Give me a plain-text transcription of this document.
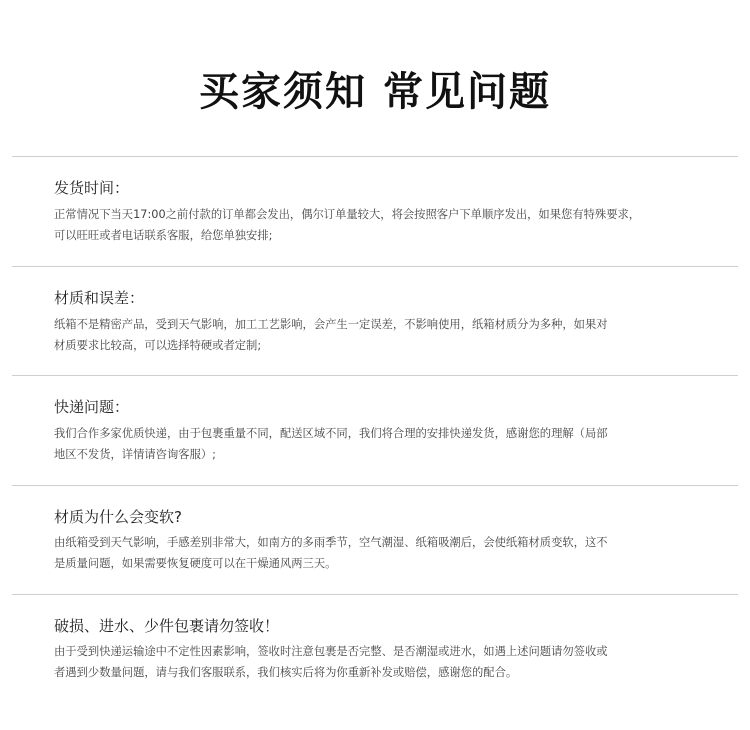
买家须知 常见问题
发货时间：
正常情况下当天17:00之前付款的订单都会发出，偶尔订单量较大，将会按照客户下单顺序发出，如果您有特殊要求，
可以旺旺或者电话联系客服，给您单独安排;
材质和误差：
纸箱不是精密产品，受到天气影响，加工工艺影响，会产生一定误差，不影响使用，纸箱材质分为多种，如果对
材质要求比较高，可以选择特硬或者定制;
快递问题：
我们合作多家优质快递，由于包裹重量不同，配送区域不同，我们将合理的安排快递发货，感谢您的理解（局部
地区不发货，详情请咨询客服）;
材质为什么会变软?
由纸箱受到天气影响，手感差别非常大，如南方的多雨季节，空气潮湿、纸箱吸潮后，会使纸箱材质变软，这不
是质量问题，如果需要恢复硬度可以在干燥通风两三天。
破损、进水、少件包裹请勿签收！
由于受到快递运输途中不定性因素影响，签收时注意包裹是否完整、是否潮湿或进水，如遇上述问题请勿签收或
者遇到少数量问题，请与我们客服联系，我们核实后将为你重新补发或赔偿，感谢您的配合。
